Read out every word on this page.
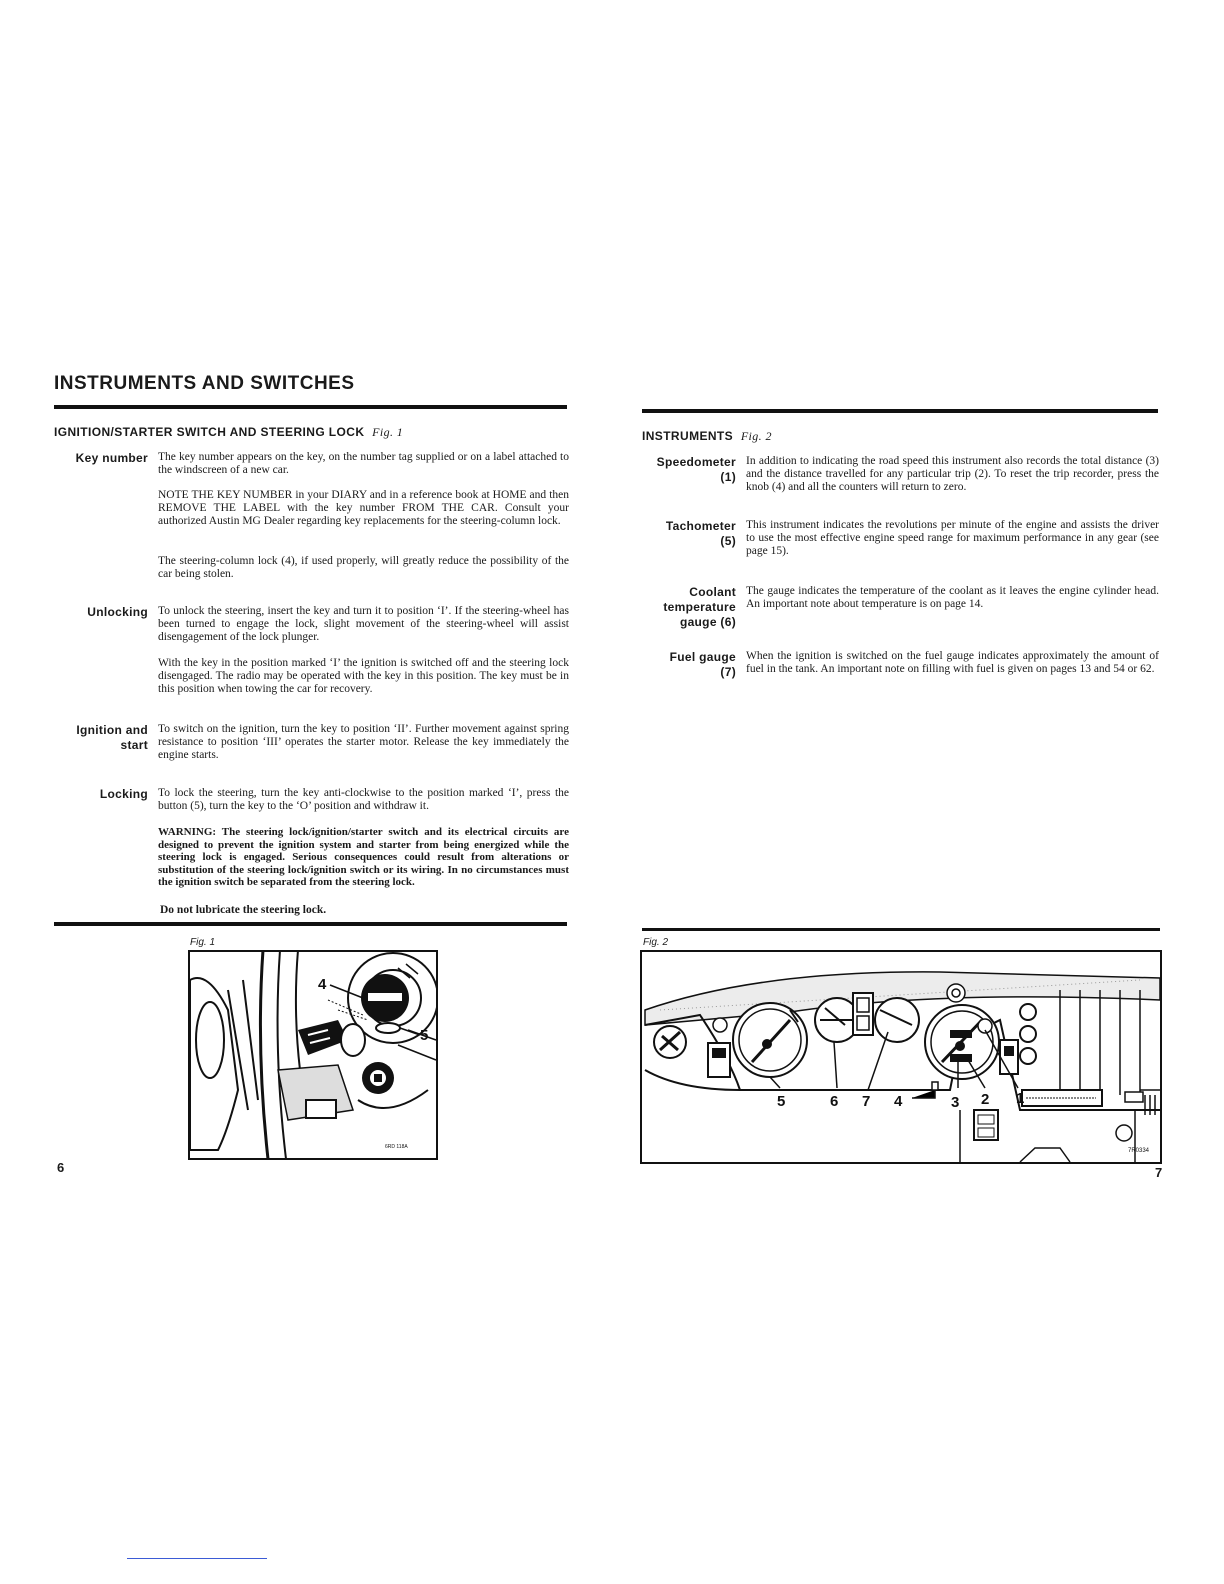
INSTRUMENTS AND SWITCHES
IGNITION/STARTER SWITCH AND STEERING LOCK Fig. 1
Key number The key number appears on the key, on the number tag supplied or on a label attached to the windscreen of a new car.

NOTE THE KEY NUMBER in your DIARY and in a reference book at HOME and then REMOVE THE LABEL with the key number FROM THE CAR. Consult your authorized Austin MG Dealer regarding key replacements for the steering-column lock.

The steering-column lock (4), if used properly, will greatly reduce the possibility of the car being stolen.

Unlocking To unlock the steering, insert the key and turn it to position ‘I’. If the steering-wheel has been turned to engage the lock, slight movement of the steering-wheel will assist disengagement of the lock plunger.

With the key in the position marked ‘I’ the ignition is switched off and the steering lock disengaged. The radio may be operated with the key in this position. The key must be in this position when towing the car for recovery.

Ignition and
start

To switch on the ignition, turn the key to position ‘II’. Further movement against spring resistance to position ‘III’ operates the starter motor. Release the key immediately the engine starts.

Locking To lock the steering, turn the key anti-clockwise to the position marked ‘I’, press the button (5), turn the key to the ‘O’ position and withdraw it.

WARNING: The steering lock/ignition/starter switch and its electrical circuits are designed to prevent the ignition system and starter from being energized while the steering lock is engaged. Serious consequences could result from alterations or substitution of the steering lock/ignition switch or its wiring. In no circumstances must the ignition switch be separated from the steering lock.

Do not lubricate the steering lock.

Fig. 1
4
5
6RD 118A
6
INSTRUMENTS Fig. 2
Speedometer
(1)

In addition to indicating the road speed this instrument also records the total distance (3) and the distance travelled for any particular trip (2). To reset the trip recorder, press the knob (4) and all the counters will return to zero.

Tachometer
(5)

This instrument indicates the revolutions per minute of the engine and assists the driver to use the most effective engine speed range for maximum performance in any gear (see page 15).

Coolant
temperature
gauge (6)

The gauge indicates the temperature of the coolant as it leaves the engine cylinder head. An important note about temperature is on page 14.

Fuel gauge
(7)

When the ignition is switched on the fuel gauge indicates approximately the amount of fuel in the tank. An important note on filling with fuel is given on pages 13 and 54 or 62.

Fig. 2
5	6 7 4	3 2 1
7R0334
7
